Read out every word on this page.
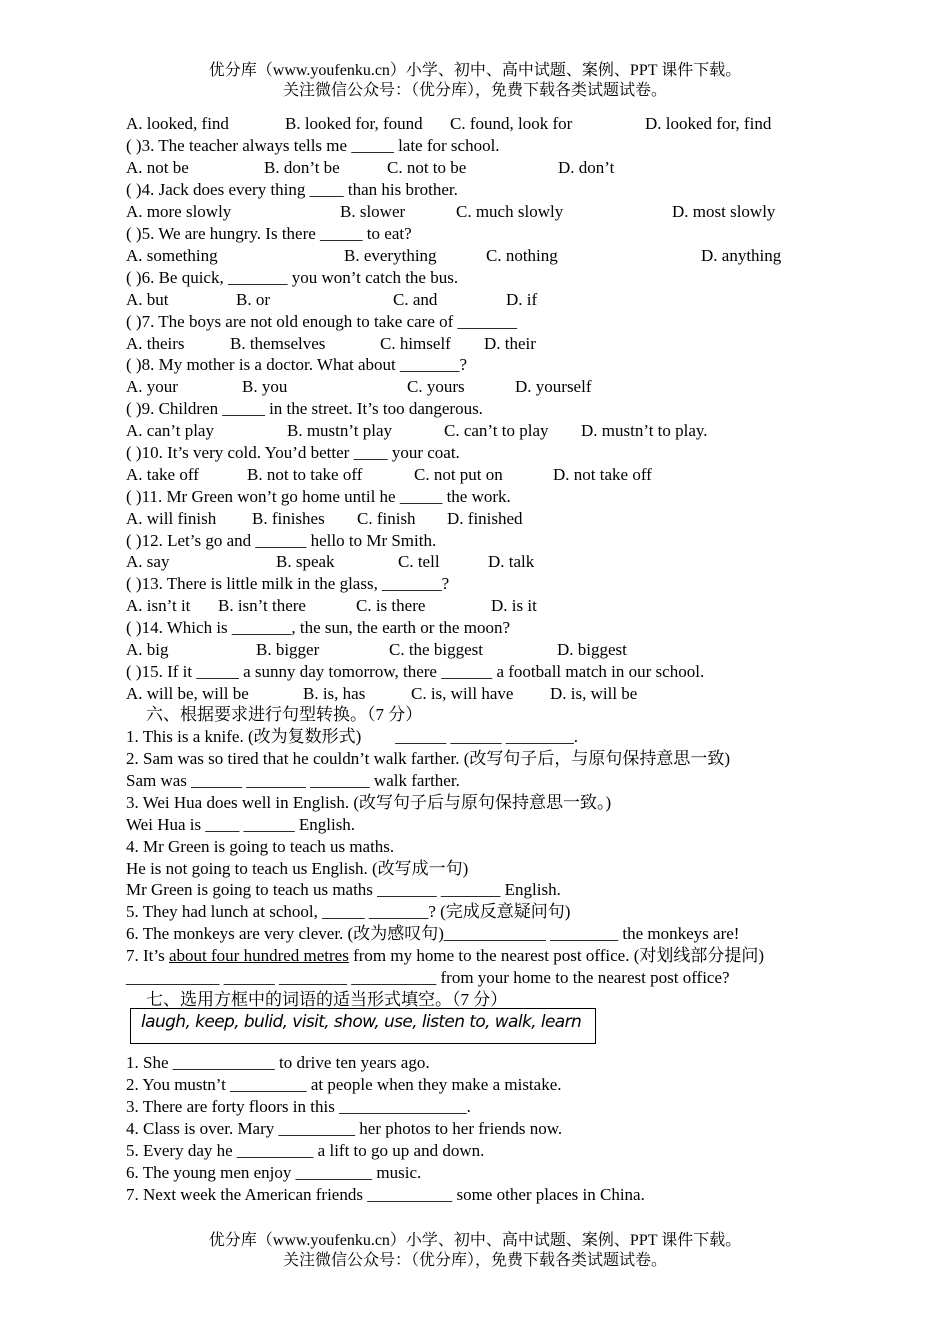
优分库（www.youfenku.cn）小学、初中、高中试题、案例、PPT 课件下载。
关注微信公众号：（优分库），免费下载各类试题试卷。
A. looked, find	B. looked for, found C. found, look for	D. looked for, find
( )3. The teacher always tells me _____ late for school.
A. not be	B. don’t be	C. not to be	D. don’t
( )4. Jack does every thing ____ than his brother.
A. more slowly	B. slower	C. much slowly	D. most slowly
( )5. We are hungry. Is there _____ to eat?
A. something	B. everything	C. nothing	D. anything
( )6. Be quick, _______ you won’t catch the bus.
A. but	B. or	C. and	D. if
( )7. The boys are not old enough to take care of _______
A. theirs	B. themselves	C. himself D. their
( )8. My mother is a doctor. What about _______?
A. your	B. you	C. yours	D. yourself
( )9. Children _____ in the street. It’s too dangerous.
A. can’t play	B. mustn’t play	C. can’t to play D. mustn’t to play.
( )10. It’s very cold. You’d better ____ your coat.
A. take off	B. not to take off	C. not put on	D. not take off
( )11. Mr Green won’t go home until he _____ the work.
A. will finish B. finishes C. finish D. finished
( )12. Let’s go and ______ hello to Mr Smith.
A. say	B. speak	C. tell	D. talk
( )13. There is little milk in the glass, _______?
A. isn’t it B. isn’t there	C. is there	D. is it
( )14. Which is _______, the sun, the earth or the moon?
A. big	B. bigger	C. the biggest	D. biggest
( )15. If it _____ a sunny day tomorrow, there ______ a football match in our school.
A. will be, will be	B. is, has	C. is, will have D. is, will be
六、根据要求进行句型转换。（7 分）
1. This is a knife. (改为复数形式)        ______ ______ ________.
2. Sam was so tired that he couldn’t walk farther. (改写句子后，与原句保持意思一致)
Sam was ______ _______ _______ walk farther.
3. Wei Hua does well in English. (改写句子后与原句保持意思一致。)
Wei Hua is ____ ______ English.
4. Mr Green is going to teach us maths.
He is not going to teach us English. (改写成一句)
Mr Green is going to teach us maths _______ _______ English.
5. They had lunch at school, _____ _______? (完成反意疑问句)
6. The monkeys are very clever. (改为感叹句)____________ ________ the monkeys are!
7. It’s about four hundred metres from my home to the nearest post office. (对划线部分提问)
___________ ______ ________ __________ from your home to the nearest post office?
七、选用方框中的词语的适当形式填空。（7 分）
laugh, keep, bulid, visit, show, use, listen to, walk, learn
1. She ____________ to drive ten years ago.
2. You mustn’t _________ at people when they make a mistake.
3. There are forty floors in this _______________.
4. Class is over. Mary _________ her photos to her friends now.
5. Every day he _________ a lift to go up and down.
6. The young men enjoy _________ music.
7. Next week the American friends __________ some other places in China.
优分库（www.youfenku.cn）小学、初中、高中试题、案例、PPT 课件下载。
关注微信公众号：（优分库），免费下载各类试题试卷。
